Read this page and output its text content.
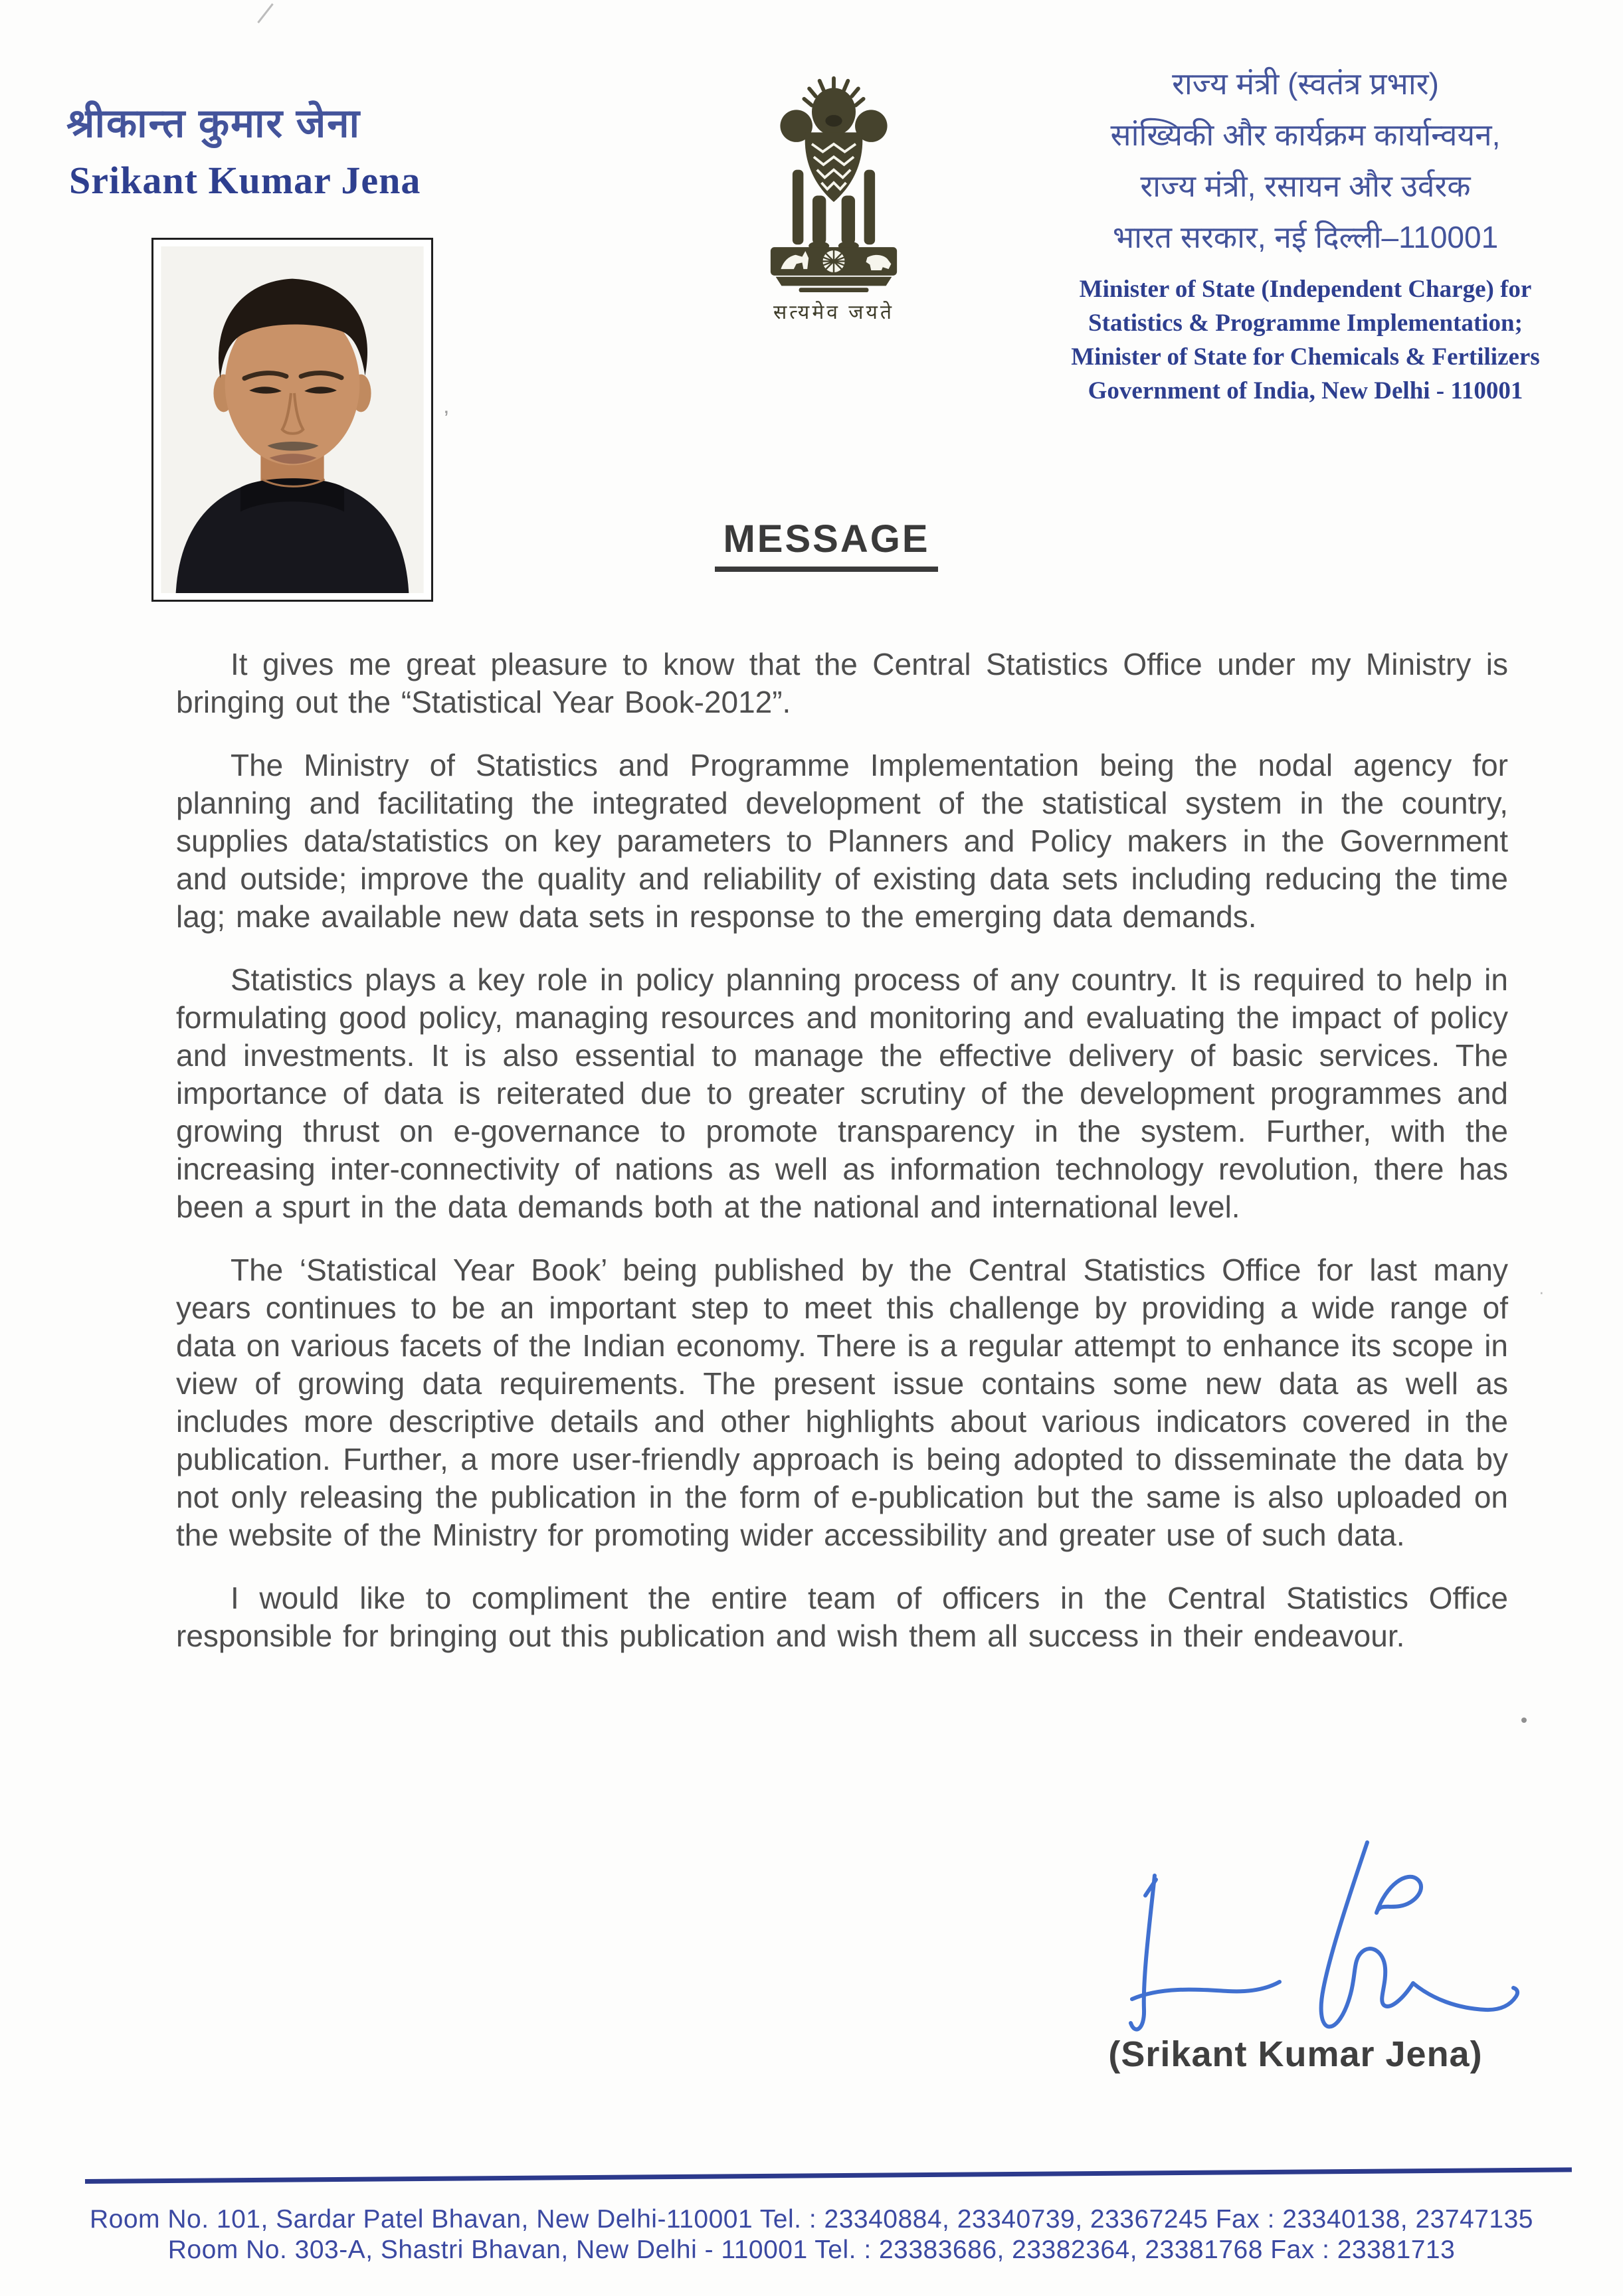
’
·
श्रीकान्त कुमार जेना
Srikant Kumar Jena
सत्यमेव जयते
राज्य मंत्री (स्वतंत्र प्रभार)
सांख्यिकी और कार्यक्रम कार्यान्वयन,
राज्य मंत्री, रसायन और उर्वरक
भारत सरकार, नई दिल्ली–110001
Minister of State (Independent Charge) for
Statistics & Programme Implementation;
Minister of State for Chemicals & Fertilizers
Government of India, New Delhi - 110001
MESSAGE

It gives me great pleasure to know that the Central Statistics Office under my Ministry is bringing out the “Statistical Year Book-2012”.

The Ministry of Statistics and Programme Implementation being the nodal agency for planning and facilitating the integrated development of the statistical system in the country, supplies data/statistics on key parameters to Planners and Policy makers in the Government and outside; improve the quality and reliability of existing data sets including reducing the time lag; make available new data sets in response to the emerging data demands.

Statistics plays a key role in policy planning process of any country. It is required to help in formulating good policy, managing resources and monitoring and evaluating the impact of policy and investments. It is also essential to manage the effective delivery of basic services. The importance of data is reiterated due to greater scrutiny of the development programmes and growing thrust on e-governance to promote transparency in the system. Further, with the increasing inter-connectivity of nations as well as information technology revolution, there has been a spurt in the data demands both at the national and international level.

The ‘Statistical Year Book’ being published by the Central Statistics Office for last many years continues to be an important step to meet this challenge by providing a wide range of data on various facets of the Indian economy. There is a regular attempt to enhance its scope in view of growing data requirements. The present issue contains some new data as well as includes more descriptive details and other highlights about various indicators covered in the publication. Further, a more user-friendly approach is being adopted to disseminate the data by not only releasing the publication in the form of e-publication but the same is also uploaded on the website of the Ministry for promoting wider accessibility and greater use of such data.

I would like to compliment the entire team of officers in the Central Statistics Office responsible for bringing out this publication and wish them all success in their endeavour.

(Srikant Kumar Jena)
Room No. 101, Sardar Patel Bhavan, New Delhi-110001 Tel. : 23340884, 23340739, 23367245 Fax : 23340138, 23747135
Room No. 303-A, Shastri Bhavan, New Delhi - 110001 Tel. : 23383686, 23382364, 23381768 Fax : 23381713
